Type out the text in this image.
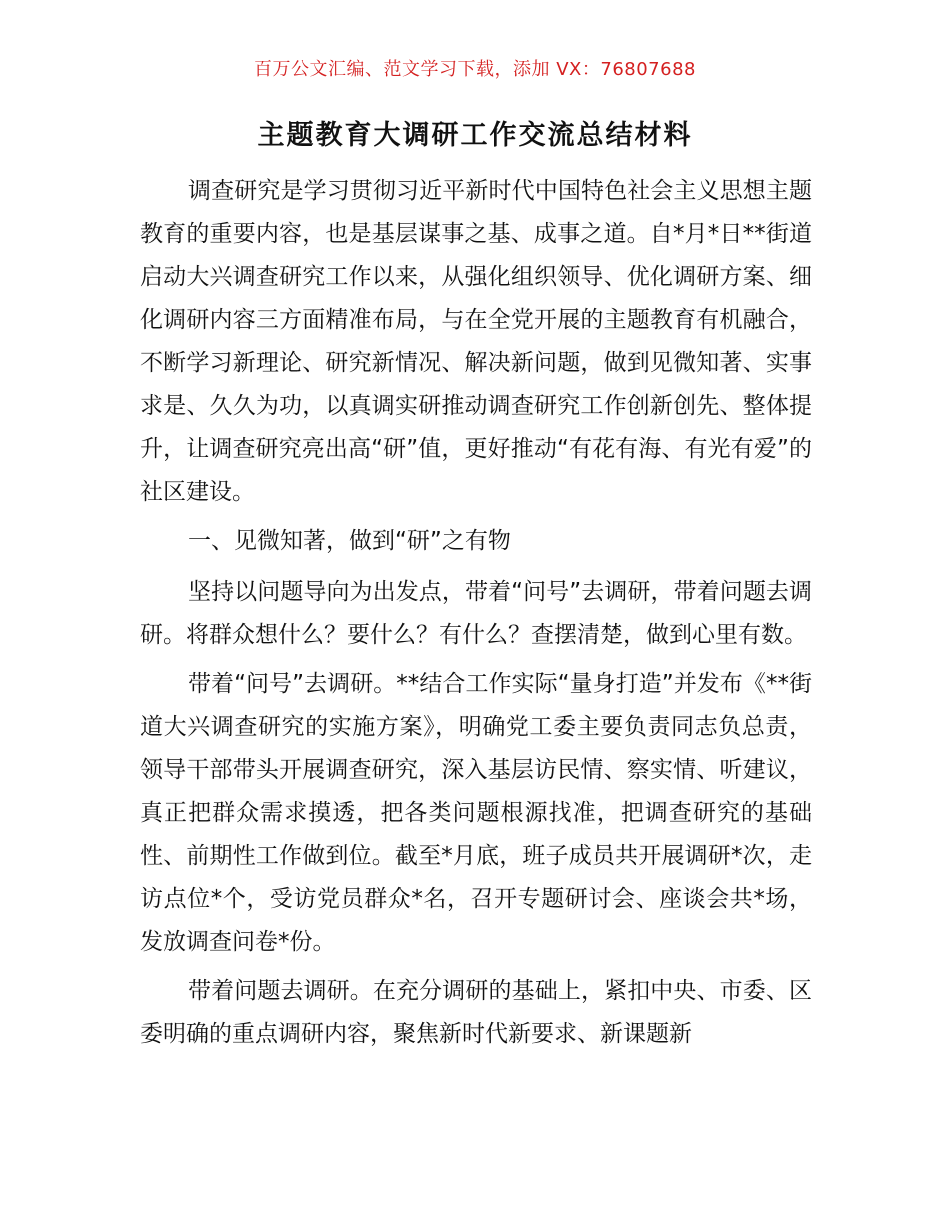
百万公文汇编、范文学习下载，添加 VX：76807688
主题教育大调研工作交流总结材料

调查研究是学习贯彻习近平新时代中国特色社会主义思想主题教育的重要内容，也是基层谋事之基、成事之道。自*月*日**街道启动大兴调查研究工作以来，从强化组织领导、优化调研方案、细化调研内容三方面精准布局，与在全党开展的主题教育有机融合，不断学习新理论、研究新情况、解决新问题，做到见微知著、实事求是、久久为功，以真调实研推动调查研究工作创新创先、整体提升，让调查研究亮出高“研”值，更好推动“有花有海、有光有爱”的社区建设。

一、见微知著，做到“研”之有物

坚持以问题导向为出发点，带着“问号”去调研，带着问题去调研。将群众想什么？要什么？有什么？查摆清楚，做到心里有数。

带着“问号”去调研。**结合工作实际“量身打造”并发布《**街道大兴调查研究的实施方案》，明确党工委主要负责同志负总责，领导干部带头开展调查研究，深入基层访民情、察实情、听建议，真正把群众需求摸透，把各类问题根源找准，把调查研究的基础性、前期性工作做到位。截至*月底，班子成员共开展调研*次，走访点位*个，受访党员群众*名，召开专题研讨会、座谈会共*场，发放调查问卷*份。

带着问题去调研。在充分调研的基础上，紧扣中央、市委、区委明确的重点调研内容，聚焦新时代新要求、新课题新
